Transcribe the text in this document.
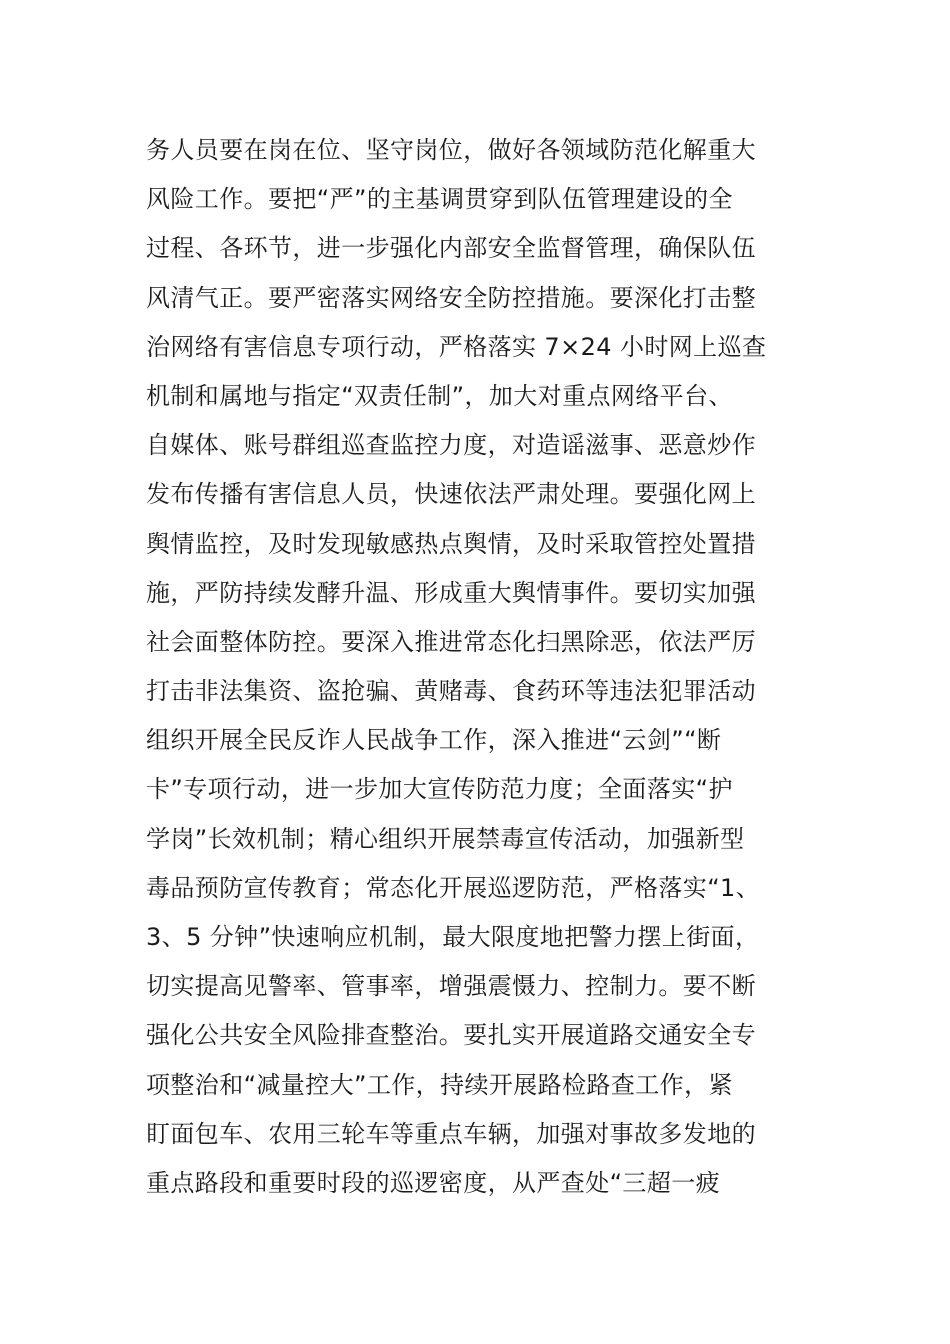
务人员要在岗在位、坚守岗位，做好各领域防范化解重大
风险工作。要把“严”的主基调贯穿到队伍管理建设的全
过程、各环节，进一步强化内部安全监督管理，确保队伍
风清气正。要严密落实网络安全防控措施。要深化打击整
治网络有害信息专项行动，严格落实 7×24 小时网上巡查
机制和属地与指定“双责任制”，加大对重点网络平台、
自媒体、账号群组巡查监控力度，对造谣滋事、恶意炒作
发布传播有害信息人员，快速依法严肃处理。要强化网上
舆情监控，及时发现敏感热点舆情，及时采取管控处置措
施，严防持续发酵升温、形成重大舆情事件。要切实加强
社会面整体防控。要深入推进常态化扫黑除恶，依法严厉
打击非法集资、盗抢骗、黄赌毒、食药环等违法犯罪活动
组织开展全民反诈人民战争工作，深入推进“云剑”“断
卡”专项行动，进一步加大宣传防范力度；全面落实“护
学岗”长效机制；精心组织开展禁毒宣传活动，加强新型
毒品预防宣传教育；常态化开展巡逻防范，严格落实“1、
3、5 分钟”快速响应机制，最大限度地把警力摆上街面，
切实提高见警率、管事率，增强震慑力、控制力。要不断
强化公共安全风险排查整治。要扎实开展道路交通安全专
项整治和“减量控大”工作，持续开展路检路查工作，紧
盯面包车、农用三轮车等重点车辆，加强对事故多发地的
重点路段和重要时段的巡逻密度，从严查处“三超一疲
